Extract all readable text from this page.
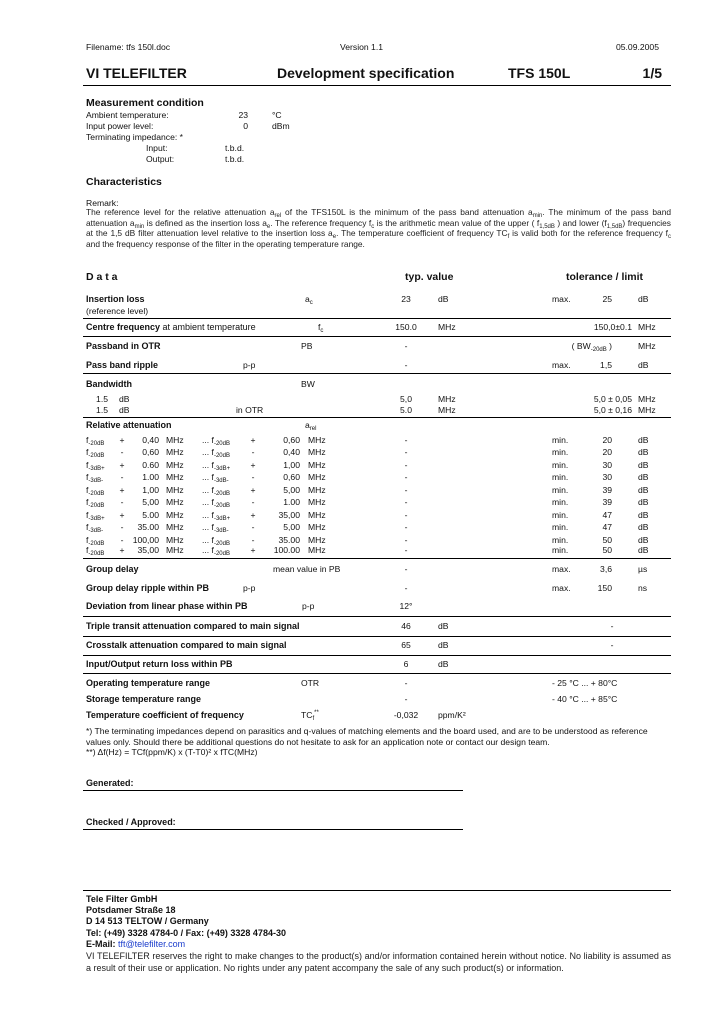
Filename: tfs 150l.doc	Version 1.1	05.09.2005
VI TELEFILTER	Development specification	TFS 150L	1/5
Measurement condition
Ambient temperature:	23	°C
Input power level:	0	dBm
Terminating impedance: *
Input:	t.b.d.
Output:	t.b.d.
Characteristics
Remark:
The reference level for the relative attenuation $a_{rel}$ of the TFS150L is the minimum of the pass band attenuation $a_{min}$. The minimum of the pass band attenuation $a_{min}$ is defined as the insertion loss $a_e$. The reference frequency $f_c$ is the arithmetic mean value of the upper ( $f_{1,5dB}$ ) and lower $(f_{1,5dB})$ frequencies at the 1,5 dB filter attenuation level relative to the insertion loss $a_e$. The temperature coefficient of frequency $TC_f$ is valid both for the reference frequency $f_c$ and the frequency response of the filter in the operating temperature range.
D a t a	typ. value	tolerance / limit
Insertion loss
(reference level)
$a_c$	23	dB	max.	25	dB
Centre frequency at ambient temperature	$f_c$	150.0 MHz	150,0±0.1 MHz
Passband in OTR	PB	-	( $BW_{-20dB}$ )	MHz
Pass band ripple	p-p	-	max.	1,5	dB
Bandwidth	BW
1.5 dB	5,0	MHz	5,0 ± 0,05 MHz
1.5 dB	in OTR	5.0	MHz	5,0 ± 0,16 MHz
Relative attenuation	$a_{rel}$
$f_{-20dB} + 0,40$ MHz ... $f_{-20dB}$ +	0,60 MHz	-	min.	20	dB
$f_{-20dB} - 0,60$ MHz ... $f_{-20dB}$	-	0,40 MHz	-	min.	20	dB
$f_{-3dB+} + 0.60$ MHz ... $f_{-3dB+}$ +	1,00 MHz	-	min.	30	dB
$f_{-3dB-} - 1.00$ MHz ... $f_{-3dB-}$	-	0,60 MHz	-	min.	30	dB
$f_{-20dB} + 1,00$ MHz ... $f_{-20dB}$ +	5,00 MHz	-	min.	39	dB
$f_{-20dB} - 5,00$ MHz ... $f_{-20dB}$	-	1.00 MHz	-	min.	39	dB
$f_{-3dB+} + 5.00$ MHz ... $f_{-3dB+}$ +	35,00 MHz	-	min.	47	dB
$f_{-3dB-} - 35.00$ MHz ... $f_{-3dB-}$	-	5,00 MHz	-	min.	47	dB
$f_{-20dB} - 100,00$ MHz ... $f_{-20dB}$	-	35.00 MHz	-	min.	50	dB
$f_{-20dB} + 35,00$ MHz ... $f_{-20dB} + 100.00$ MHz	-	min.	50	dB
Group delay	mean value in PB	-	max.	3,6	µs
Group delay ripple within PB	p-p	-	max.	150	ns
Deviation from linear phase within PB	p-p	12°
Triple transit attenuation compared to main signal	46	dB	-
Crosstalk attenuation compared to main signal	65	dB	-
Input/Output return loss within PB	6	dB
Operating temperature range	OTR	-	- 25 °C ... + 80°C
Storage temperature range	-	- 40 °C ... + 85°C
Temperature coefficient of frequency	$TC_f^{**}$	-0,032 ppm/K²
*) The terminating impedances depend on parasitics and q-values of matching elements and the board used, and are to be understood as reference
values only. Should there be additional questions do not hesitate to ask for an application note or contact our design team.
**) Δf(Hz) = TCf(ppm/K) x (T-T0)² x fTC(MHz)
Generated:
Checked / Approved:
Tele Filter GmbH
Potsdamer Straße 18
D 14 513 TELTOW / Germany
Tel: (+49) 3328 4784-0 / Fax: (+49) 3328 4784-30
E-Mail: tft@telefilter.com
VI TELEFILTER reserves the right to make changes to the product(s) and/or information contained herein without notice. No liability is assumed as a result of their use or application. No rights under any patent accompany the sale of any such product(s) or information.
